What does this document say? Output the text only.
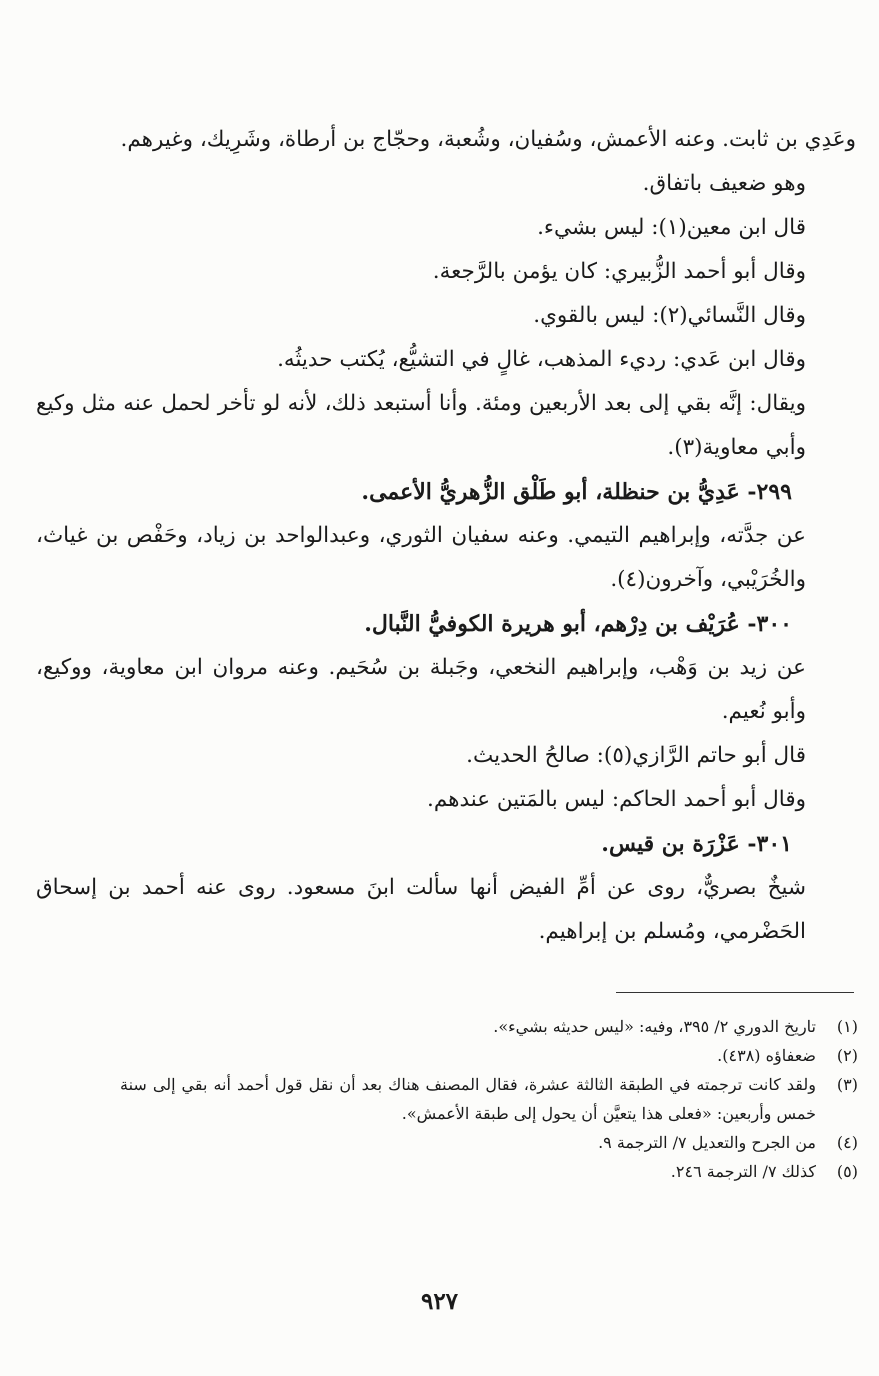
وعَدِي بن ثابت. وعنه الأعمش، وسُفيان، وشُعبة، وحجّاج بن أرطاة، وشَرِيك، وغيرهم.

وهو ضعيف باتفاق.

قال ابن معين(١): ليس بشيء.

وقال أبو أحمد الزُّبيري: كان يؤمن بالرَّجعة.

وقال النَّسائي(٢): ليس بالقوي.

وقال ابن عَدي: رديء المذهب، غالٍ في التشيُّع، يُكتب حديثُه.

ويقال: إنَّه بقي إلى بعد الأربعين ومئة. وأنا أستبعد ذلك، لأنه لو تأخر لحمل عنه مثل وكيع وأبي معاوية(٣).

٢٩٩- عَدِيُّ بن حنظلة، أبو طَلْق الزُّهريُّ الأعمى.

عن جدَّته، وإبراهيم التيمي. وعنه سفيان الثوري، وعبدالواحد بن زياد، وحَفْص بن غياث، والخُرَيْبي، وآخرون(٤).

٣٠٠- عُرَيْف بن دِرْهم، أبو هريرة الكوفيُّ النَّبال.

عن زيد بن وَهْب، وإبراهيم النخعي، وجَبلة بن سُحَيم. وعنه مروان ابن معاوية، ووكيع، وأبو نُعيم.

قال أبو حاتم الرَّازي(٥): صالحُ الحديث.

وقال أبو أحمد الحاكم: ليس بالمَتين عندهم.

٣٠١- عَزْرَة بن قيس.

شيخٌ بصريٌّ، روى عن أمِّ الفيض أنها سألت ابنَ مسعود. روى عنه أحمد بن إسحاق الحَضْرمي، ومُسلم بن إبراهيم.

(١)
تاريخ الدوري ٢/ ٣٩٥، وفيه: «ليس حديثه بشيء».
(٢)
ضعفاؤه (٤٣٨).
(٣)
ولقد كانت ترجمته في الطبقة الثالثة عشرة، فقال المصنف هناك بعد أن نقل قول أحمد أنه بقي إلى سنة خمس وأربعين: «فعلى هذا يتعيَّن أن يحول إلى طبقة الأعمش».
(٤)
من الجرح والتعديل ٧/ الترجمة ٩.
(٥)
كذلك ٧/ الترجمة ٢٤٦.
٩٢٧
